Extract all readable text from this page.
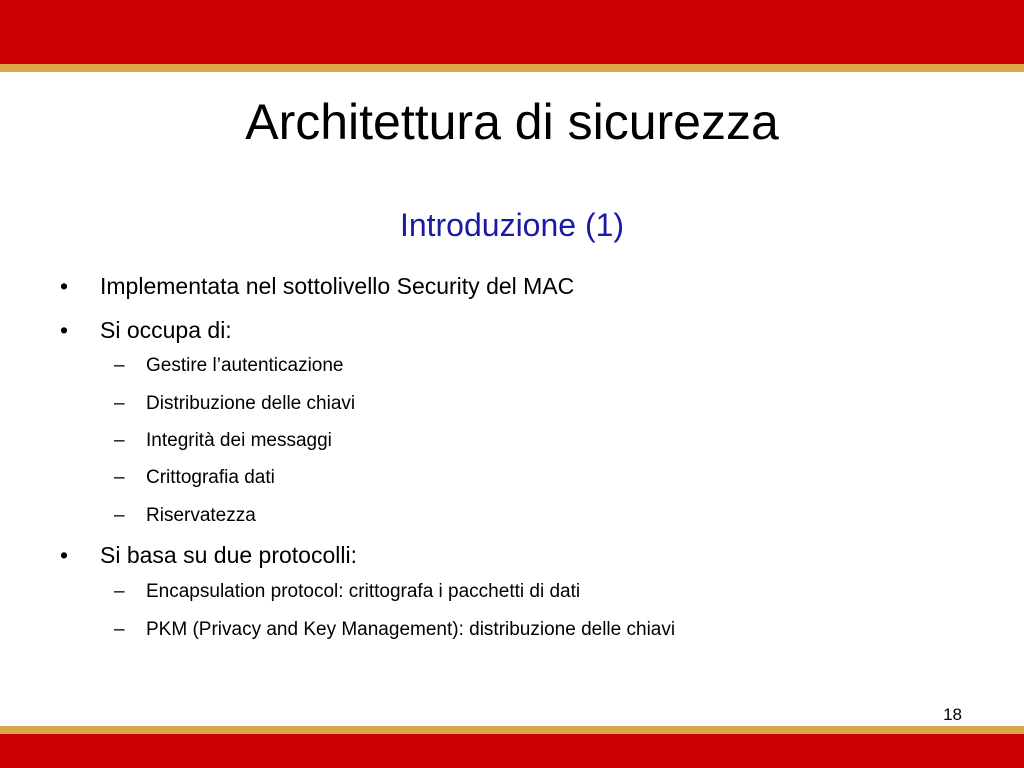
Architettura di sicurezza
Introduzione (1)
• Implementata nel sottolivello Security del MAC
• Si occupa di:
– Gestire l’autenticazione
– Distribuzione delle chiavi
– Integrità dei messaggi
– Crittografia dati
– Riservatezza
• Si basa su due protocolli:
– Encapsulation protocol: crittografa i pacchetti di dati
– PKM (Privacy and Key Management): distribuzione delle chiavi
18
